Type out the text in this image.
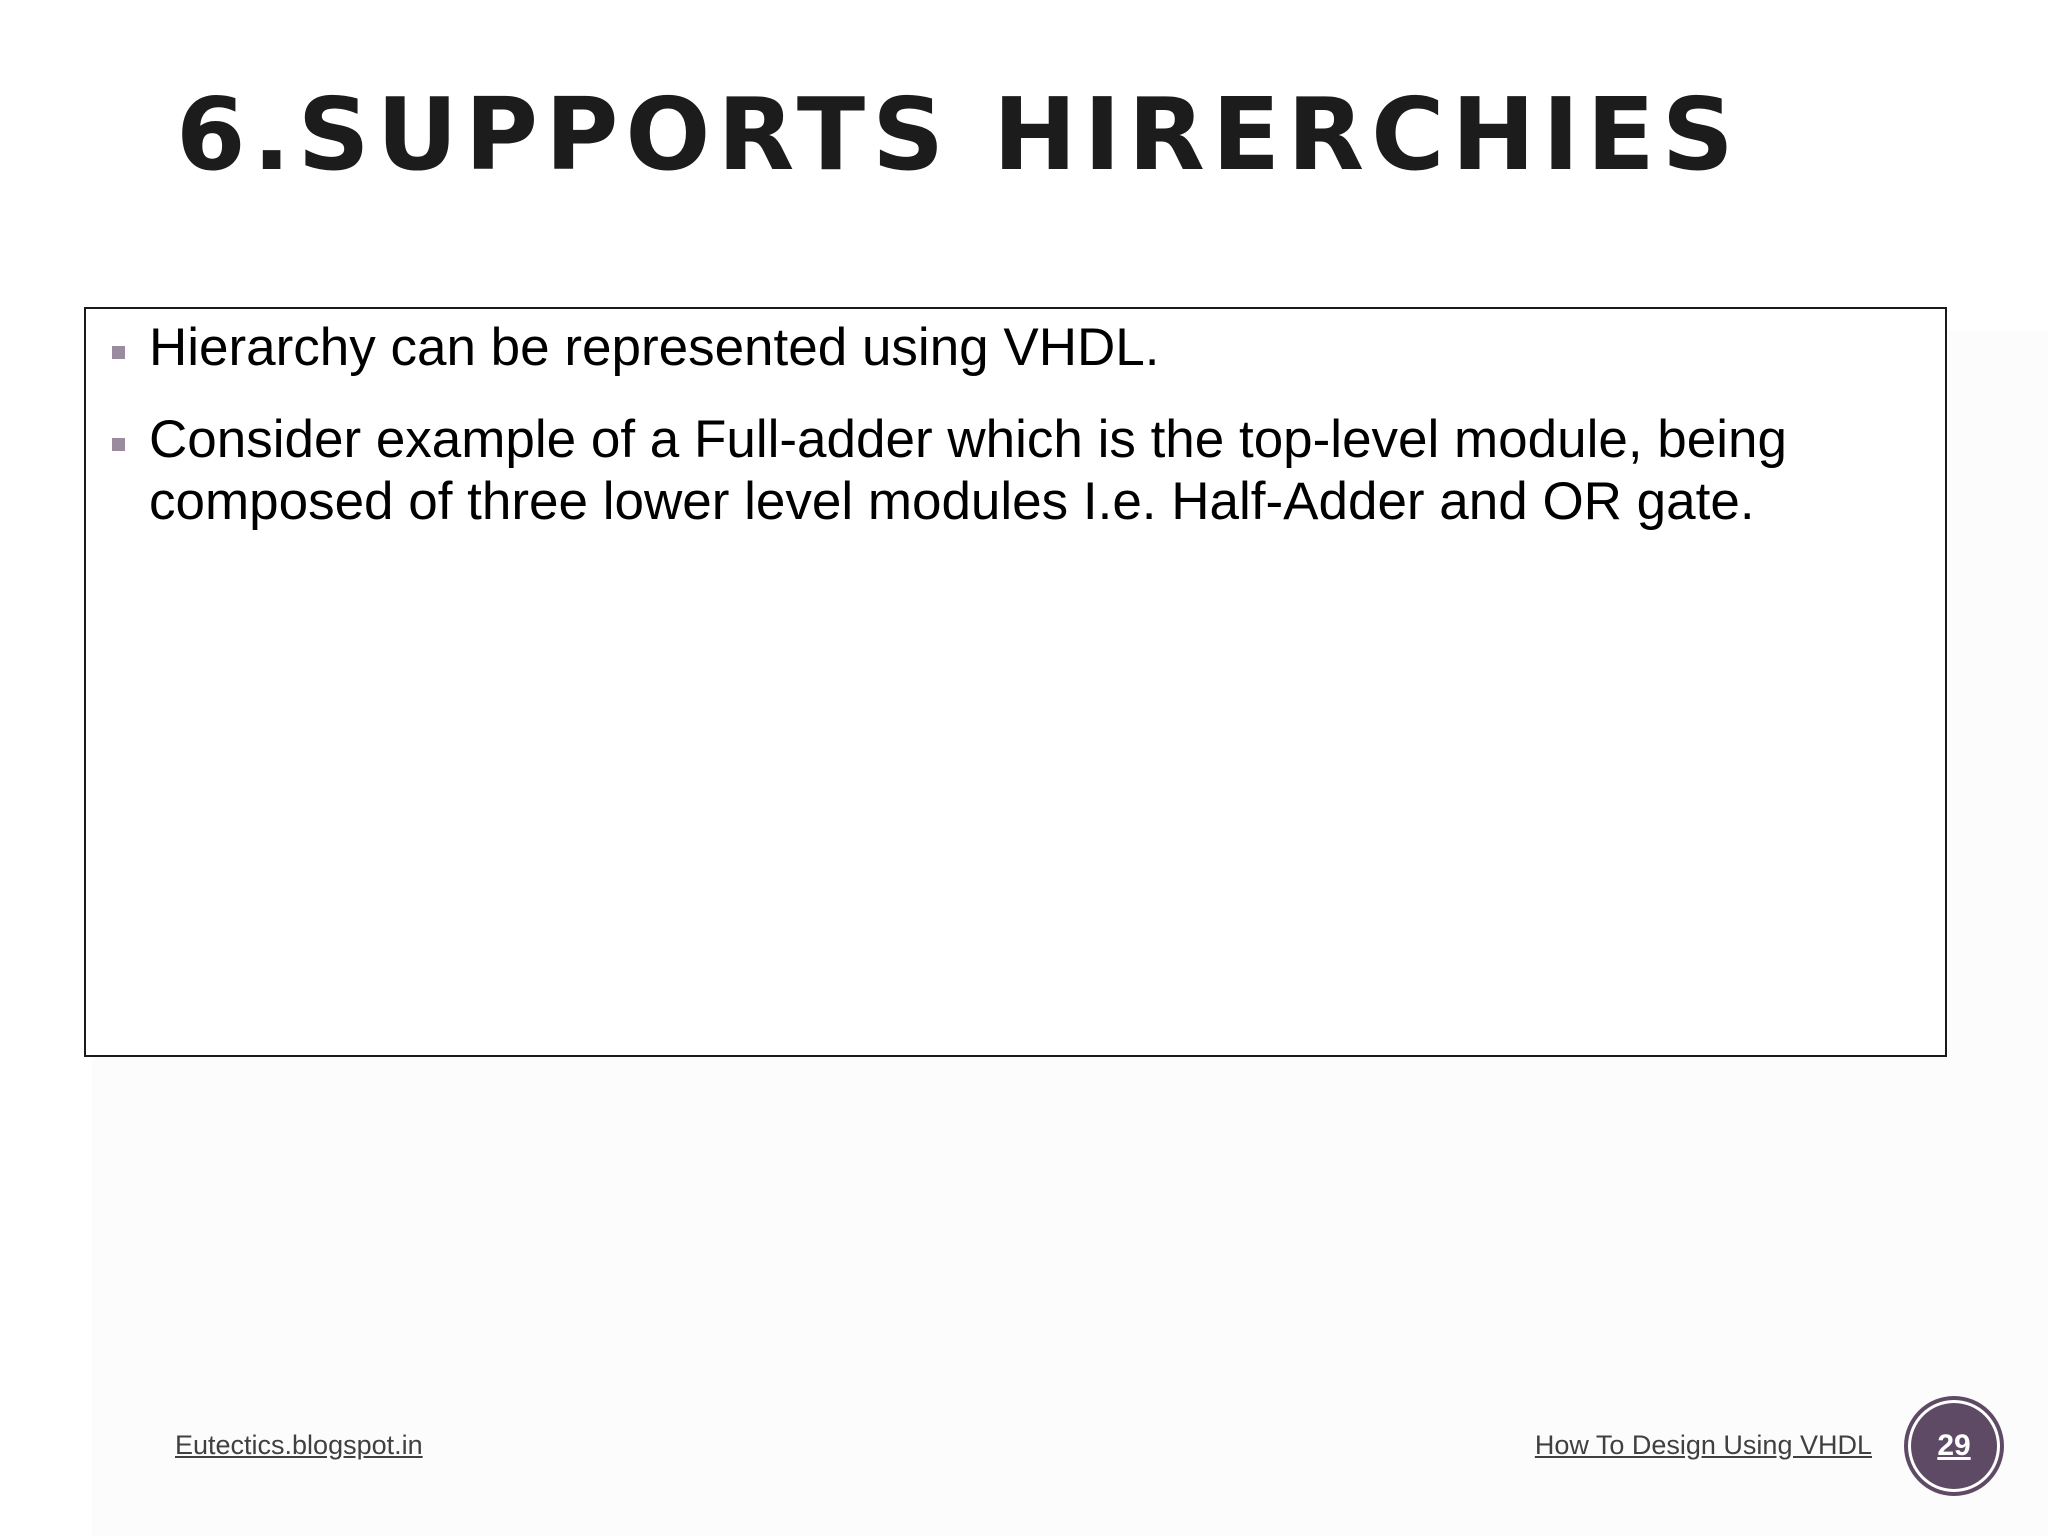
6.SUPPORTS HIRERCHIES
Hierarchy can be represented using VHDL.
Consider example of a Full-adder which is the top-level module, being composed of three lower level modules I.e. Half-Adder and OR gate.
Eutectics.blogspot.in	How To Design Using VHDL 29
